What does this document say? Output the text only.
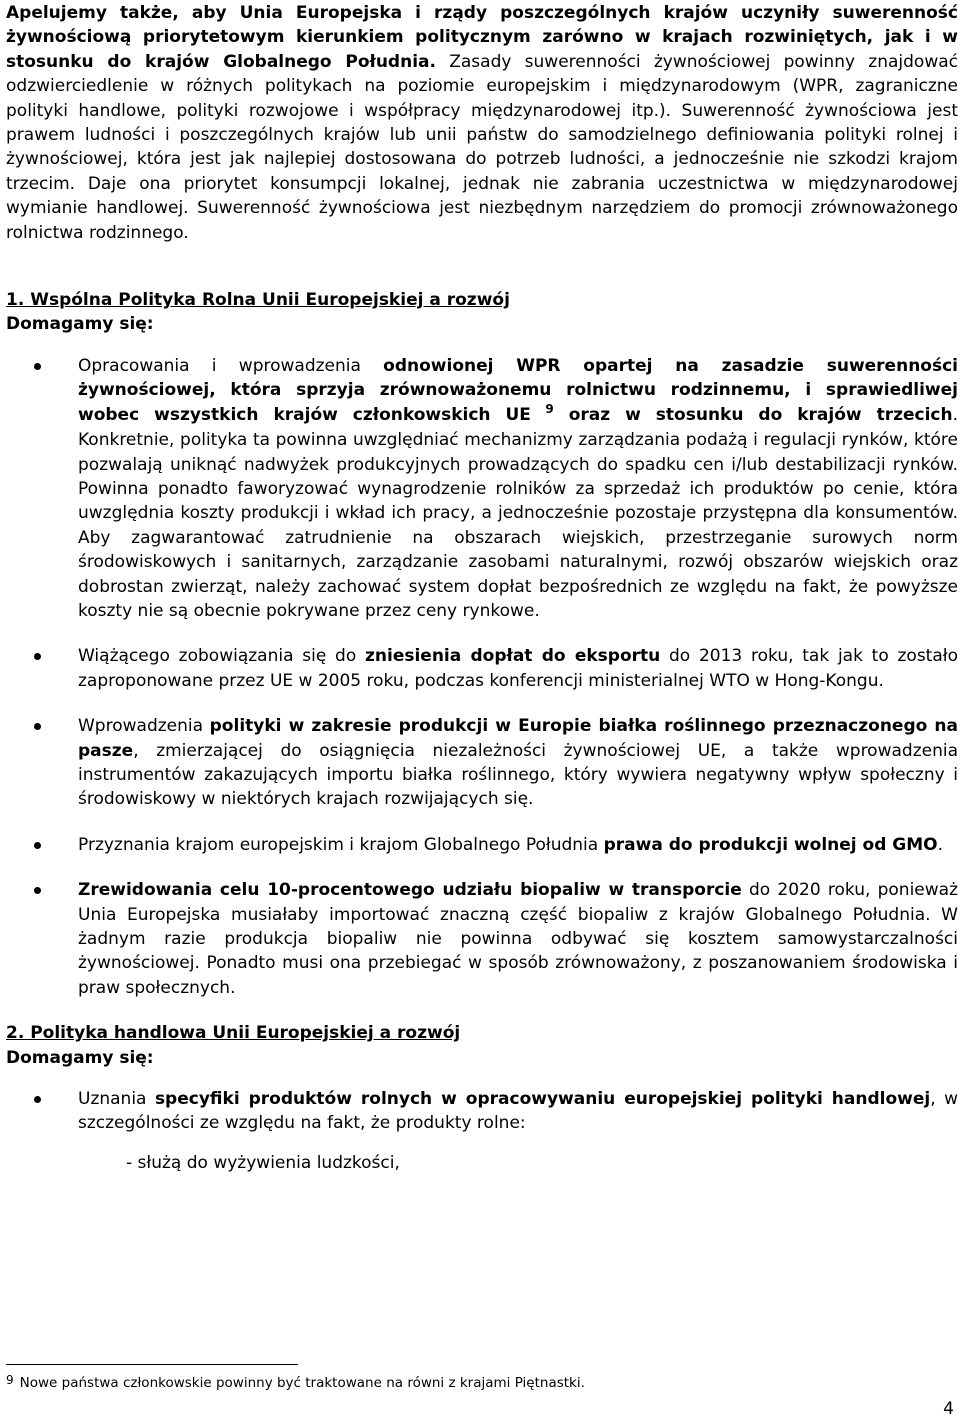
Apelujemy także, aby Unia Europejska i rządy poszczególnych krajów uczyniły suwerenność żywnościową priorytetowym kierunkiem politycznym zarówno w krajach rozwiniętych, jak i w stosunku do krajów Globalnego Południa. Zasady suwerenności żywnościowej powinny znajdować odzwierciedlenie w różnych politykach na poziomie europejskim i międzynarodowym (WPR, zagraniczne polityki handlowe, polityki rozwojowe i współpracy międzynarodowej itp.). Suwerenność żywnościowa jest prawem ludności i poszczególnych krajów lub unii państw do samodzielnego definiowania polityki rolnej i żywnościowej, która jest jak najlepiej dostosowana do potrzeb ludności, a jednocześnie nie szkodzi krajom trzecim. Daje ona priorytet konsumpcji lokalnej, jednak nie zabrania uczestnictwa w międzynarodowej wymianie handlowej. Suwerenność żywnościowa jest niezbędnym narzędziem do promocji zrównoważonego rolnictwa rodzinnego.

1. Wspólna Polityka Rolna Unii Europejskiej a rozwój

Domagamy się:

Opracowania i wprowadzenia odnowionej WPR opartej na zasadzie suwerenności żywnościowej, która sprzyja zrównoważonemu rolnictwu rodzinnemu, i sprawiedliwej wobec wszystkich krajów członkowskich UE $^9$ oraz w stosunku do krajów trzecich. Konkretnie, polityka ta powinna uwzględniać mechanizmy zarządzania podażą i regulacji rynków, które pozwalają uniknąć nadwyżek produkcyjnych prowadzących do spadku cen i/lub destabilizacji rynków. Powinna ponadto faworyzować wynagrodzenie rolników za sprzedaż ich produktów po cenie, która uwzględnia koszty produkcji i wkład ich pracy, a jednocześnie pozostaje przystępna dla konsumentów. Aby zagwarantować zatrudnienie na obszarach wiejskich, przestrzeganie surowych norm środowiskowych i sanitarnych, zarządzanie zasobami naturalnymi, rozwój obszarów wiejskich oraz dobrostan zwierząt, należy zachować system dopłat bezpośrednich ze względu na fakt, że powyższe koszty nie są obecnie pokrywane przez ceny rynkowe.
Wiążącego zobowiązania się do zniesienia dopłat do eksportu do 2013 roku, tak jak to zostało zaproponowane przez UE w 2005 roku, podczas konferencji ministerialnej WTO w Hong-Kongu.
Wprowadzenia polityki w zakresie produkcji w Europie białka roślinnego przeznaczonego na pasze, zmierzającej do osiągnięcia niezależności żywnościowej UE, a także wprowadzenia instrumentów zakazujących importu białka roślinnego, który wywiera negatywny wpływ społeczny i środowiskowy w niektórych krajach rozwijających się.
Przyznania krajom europejskim i krajom Globalnego Południa prawa do produkcji wolnej od GMO.
Zrewidowania celu 10-procentowego udziału biopaliw w transporcie do 2020 roku, ponieważ Unia Europejska musiałaby importować znaczną część biopaliw z krajów Globalnego Południa. W żadnym razie produkcja biopaliw nie powinna odbywać się kosztem samowystarczalności żywnościowej. Ponadto musi ona przebiegać w sposób zrównoważony, z poszanowaniem środowiska i praw społecznych.

2. Polityka handlowa Unii Europejskiej a rozwój

Domagamy się:

Uznania specyfiki produktów rolnych w opracowywaniu europejskiej polityki handlowej, w szczególności ze względu na fakt, że produkty rolne:

- służą do wyżywienia ludzkości,

$^9$ Nowe państwa członkowskie powinny być traktowane na równi z krajami Piętnastki.
4
